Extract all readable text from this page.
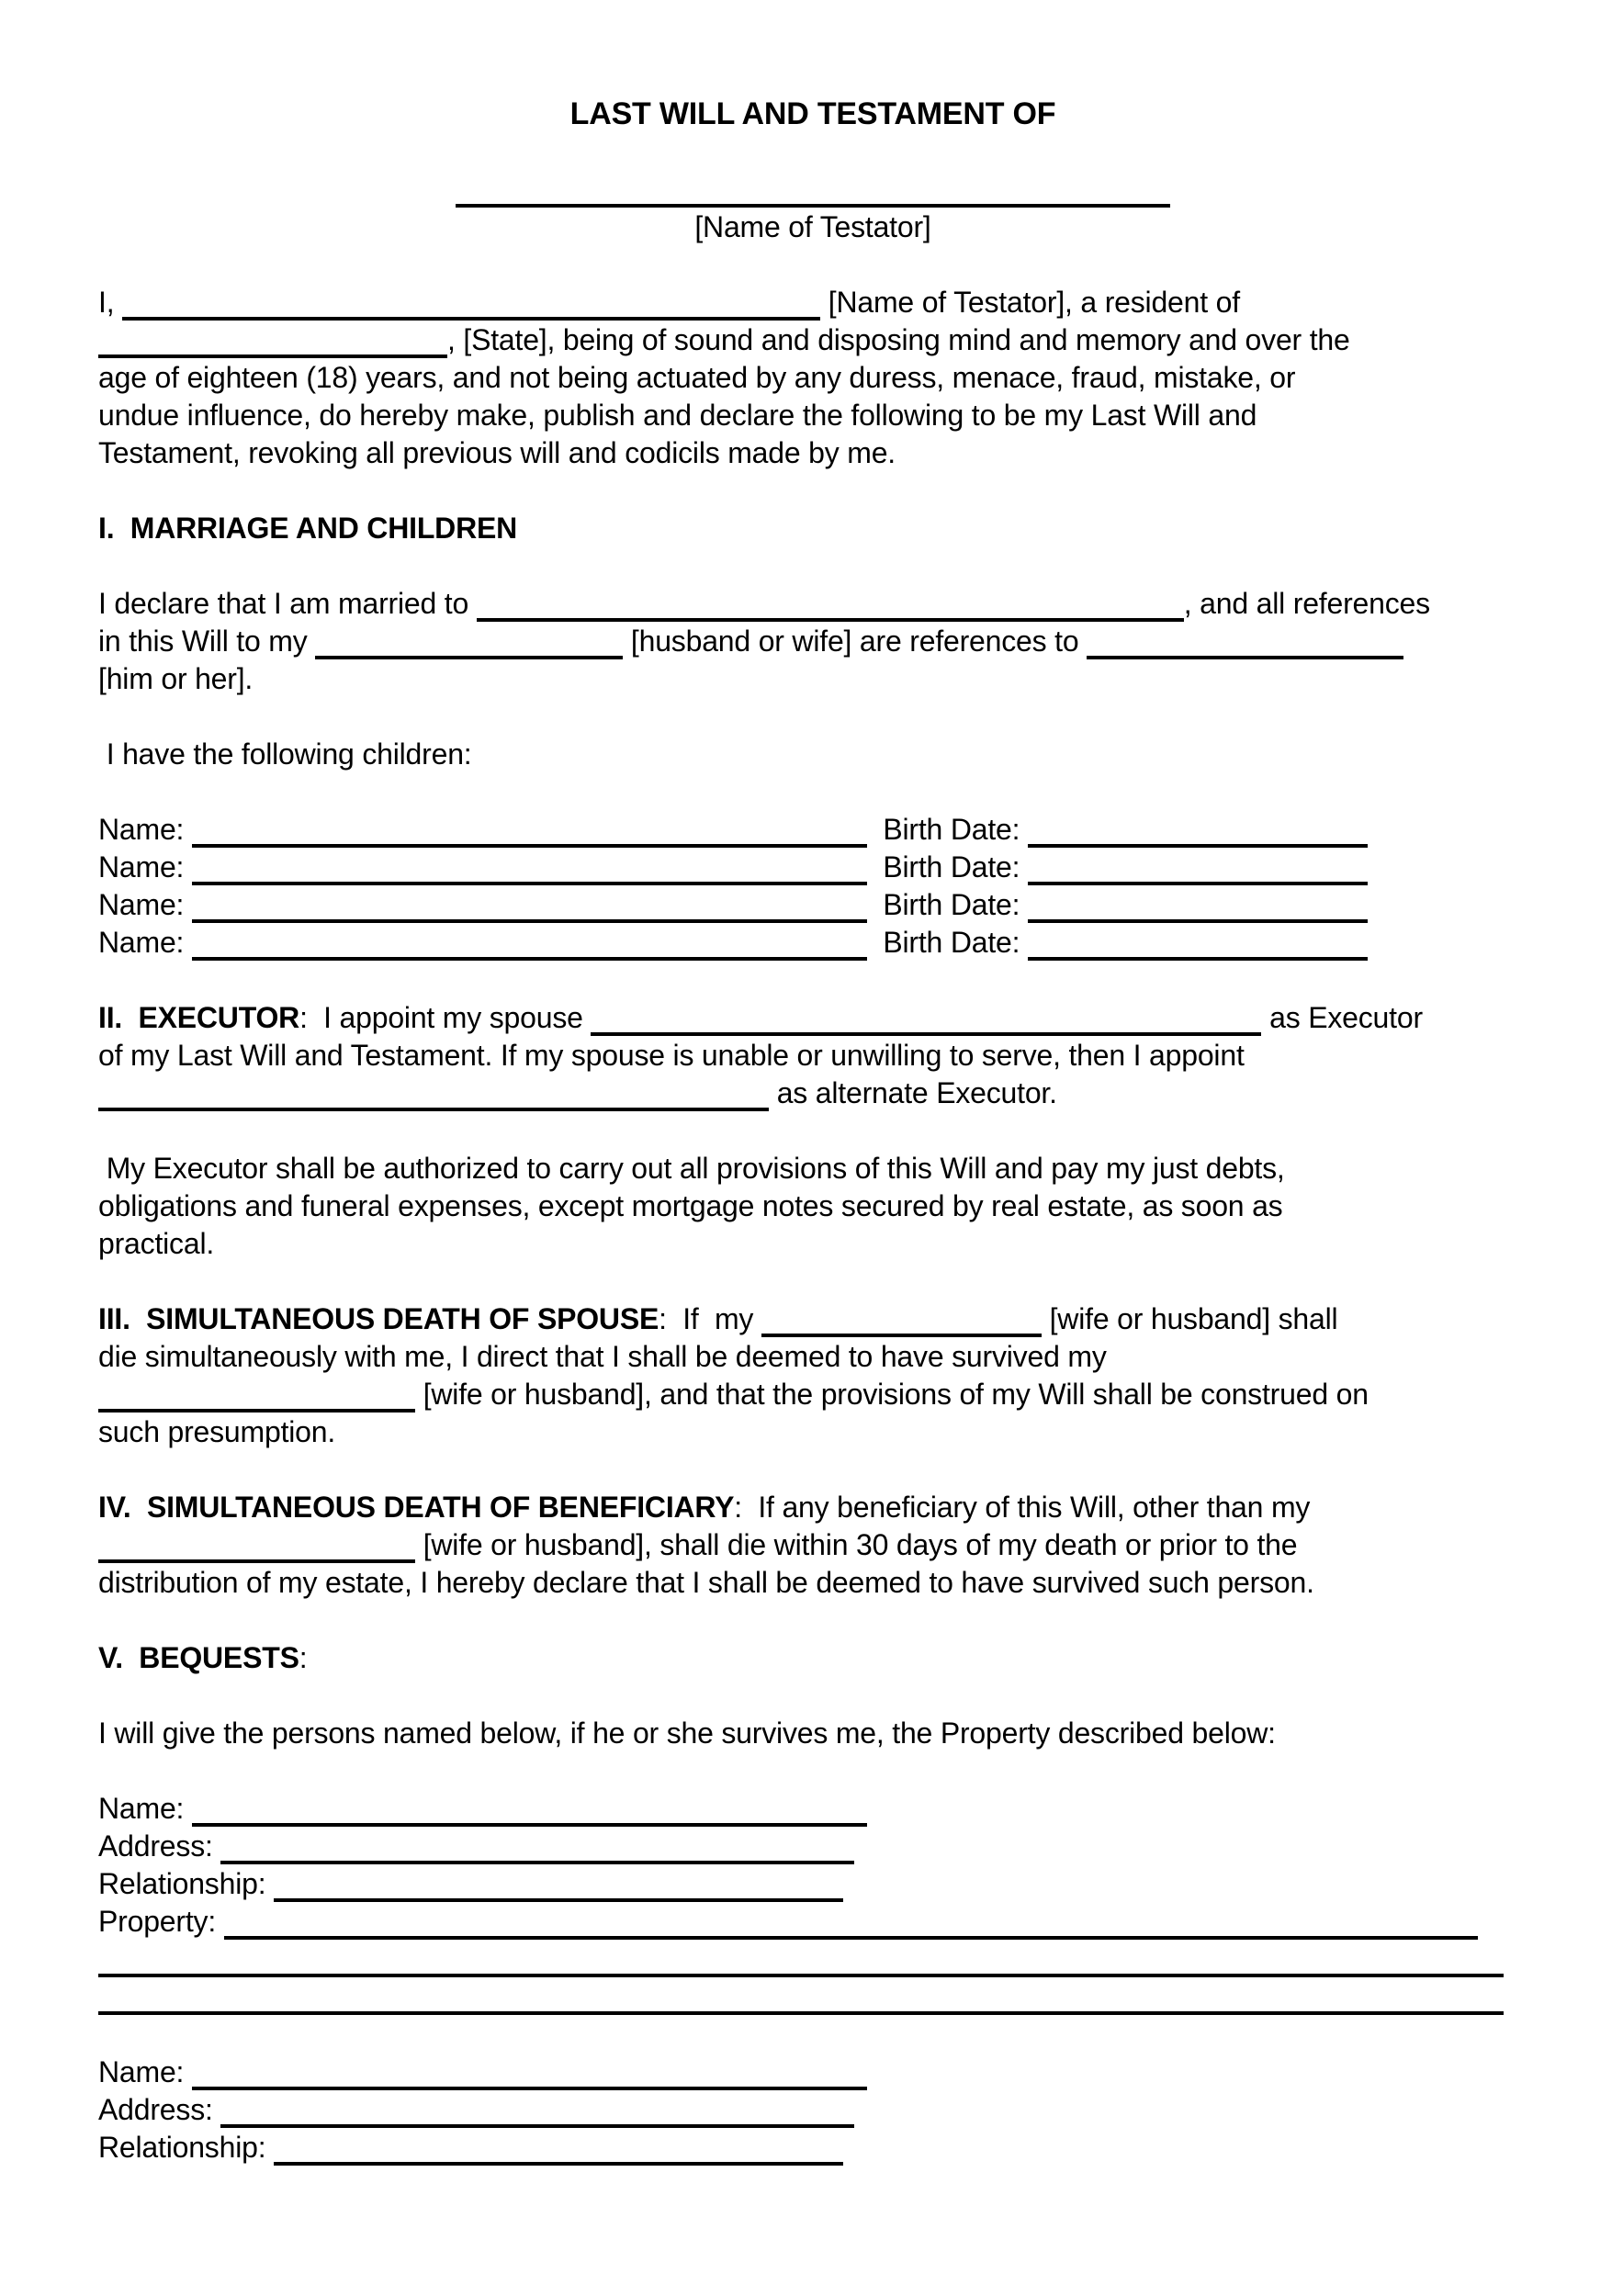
LAST WILL AND TESTAMENT OF
[Name of Testator]
I,	[Name of Testator], a resident of
, [State], being of sound and disposing mind and memory and over the
age of eighteen (18) years, and not being actuated by any duress, menace, fraud, mistake, or
undue influence, do hereby make, publish and declare the following to be my Last Will and
Testament, revoking all previous will and codicils made by me.
I.  MARRIAGE AND CHILDREN
I declare that I am married to	, and all references
in this Will to my	[husband or wife] are references to
[him or her].
I have the following children:
Name:	Birth Date:
Name:	Birth Date:
Name:	Birth Date:
Name:	Birth Date:
II.  EXECUTOR:  I appoint my spouse	as Executor
of my Last Will and Testament. If my spouse is unable or unwilling to serve, then I appoint
as alternate Executor.
My Executor shall be authorized to carry out all provisions of this Will and pay my just debts,
obligations and funeral expenses, except mortgage notes secured by real estate, as soon as
practical.
III.  SIMULTANEOUS DEATH OF SPOUSE:  If  my	[wife or husband] shall
die simultaneously with me, I direct that I shall be deemed to have survived my
[wife or husband], and that the provisions of my Will shall be construed on
such presumption.
IV.  SIMULTANEOUS DEATH OF BENEFICIARY:  If any beneficiary of this Will, other than my
[wife or husband], shall die within 30 days of my death or prior to the
distribution of my estate, I hereby declare that I shall be deemed to have survived such person.
V.  BEQUESTS:
I will give the persons named below, if he or she survives me, the Property described below:
Name:
Address:
Relationship:
Property:
Name:
Address:
Relationship:
